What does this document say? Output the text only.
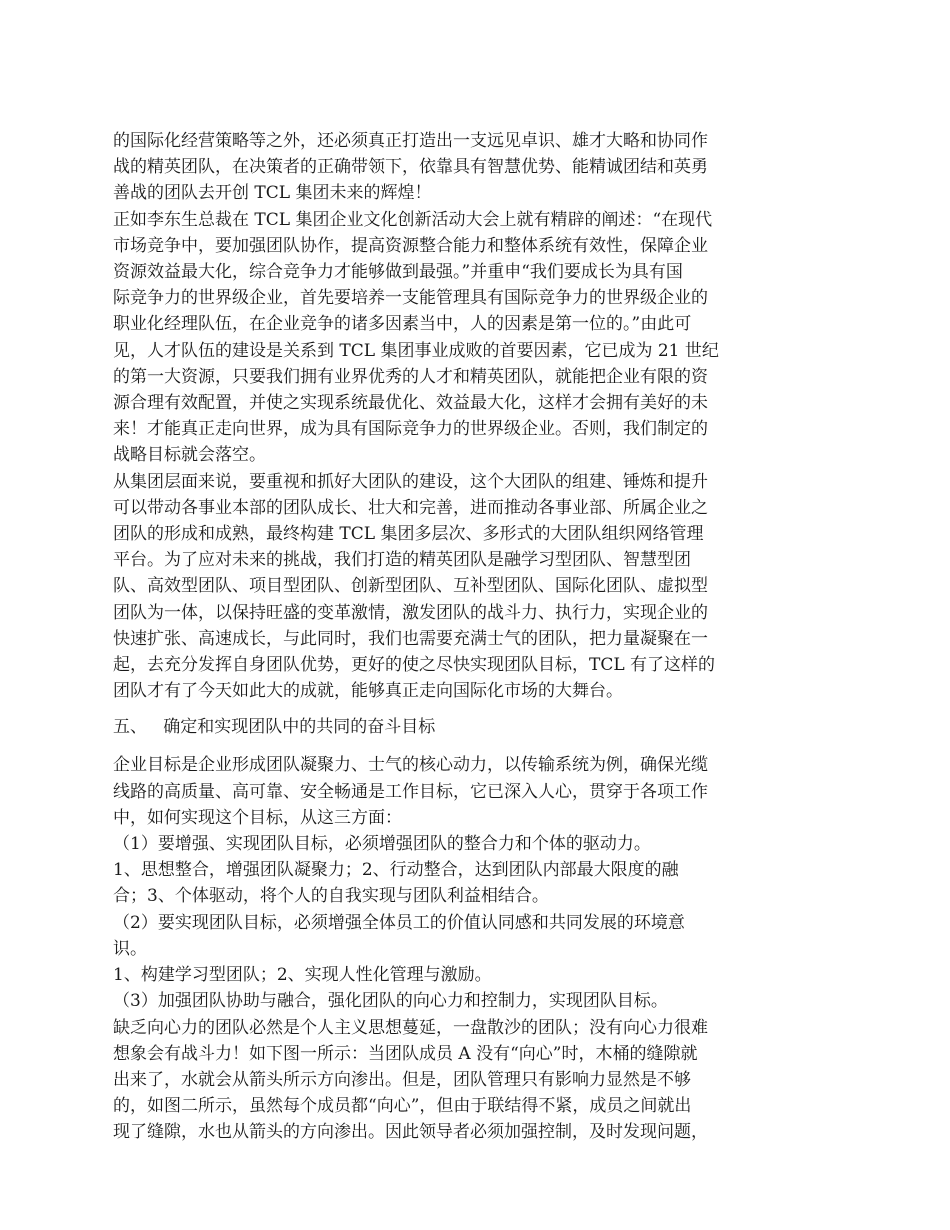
的国际化经营策略等之外，还必须真正打造出一支远见卓识、雄才大略和协同作
战的精英团队，在决策者的正确带领下，依靠具有智慧优势、能精诚团结和英勇
善战的团队去开创 TCL 集团未来的辉煌！
正如李东生总裁在 TCL 集团企业文化创新活动大会上就有精辟的阐述：“在现代
市场竞争中，要加强团队协作，提高资源整合能力和整体系统有效性，保障企业
资源效益最大化，综合竞争力才能够做到最强。”并重申“我们要成长为具有国
际竞争力的世界级企业，首先要培养一支能管理具有国际竞争力的世界级企业的
职业化经理队伍，在企业竞争的诸多因素当中，人的因素是第一位的。”由此可
见，人才队伍的建设是关系到 TCL 集团事业成败的首要因素，它已成为 21 世纪
的第一大资源，只要我们拥有业界优秀的人才和精英团队，就能把企业有限的资
源合理有效配置，并使之实现系统最优化、效益最大化，这样才会拥有美好的未
来！才能真正走向世界，成为具有国际竞争力的世界级企业。否则，我们制定的
战略目标就会落空。
从集团层面来说，要重视和抓好大团队的建设，这个大团队的组建、锤炼和提升
可以带动各事业本部的团队成长、壮大和完善，进而推动各事业部、所属企业之
团队的形成和成熟，最终构建 TCL 集团多层次、多形式的大团队组织网络管理
平台。为了应对未来的挑战，我们打造的精英团队是融学习型团队、智慧型团
队、高效型团队、项目型团队、创新型团队、互补型团队、国际化团队、虚拟型
团队为一体，以保持旺盛的变革激情，激发团队的战斗力、执行力，实现企业的
快速扩张、高速成长，与此同时，我们也需要充满士气的团队，把力量凝聚在一
起，去充分发挥自身团队优势，更好的使之尽快实现团队目标，TCL 有了这样的
团队才有了今天如此大的成就，能够真正走向国际化市场的大舞台。
五、   确定和实现团队中的共同的奋斗目标
企业目标是企业形成团队凝聚力、士气的核心动力，以传输系统为例，确保光缆
线路的高质量、高可靠、安全畅通是工作目标，它已深入人心，贯穿于各项工作
中，如何实现这个目标，从这三方面：
（1）要增强、实现团队目标，必须增强团队的整合力和个体的驱动力。
1、思想整合，增强团队凝聚力；2、行动整合，达到团队内部最大限度的融
合；3、个体驱动，将个人的自我实现与团队利益相结合。
（2）要实现团队目标，必须增强全体员工的价值认同感和共同发展的环境意
识。
1、构建学习型团队；2、实现人性化管理与激励。
（3）加强团队协助与融合，强化团队的向心力和控制力，实现团队目标。
缺乏向心力的团队必然是个人主义思想蔓延，一盘散沙的团队；没有向心力很难
想象会有战斗力！如下图一所示：当团队成员 A 没有“向心”时，木桶的缝隙就
出来了，水就会从箭头所示方向渗出。但是，团队管理只有影响力显然是不够
的，如图二所示，虽然每个成员都“向心”，但由于联结得不紧，成员之间就出
现了缝隙，水也从箭头的方向渗出。因此领导者必须加强控制，及时发现问题，
